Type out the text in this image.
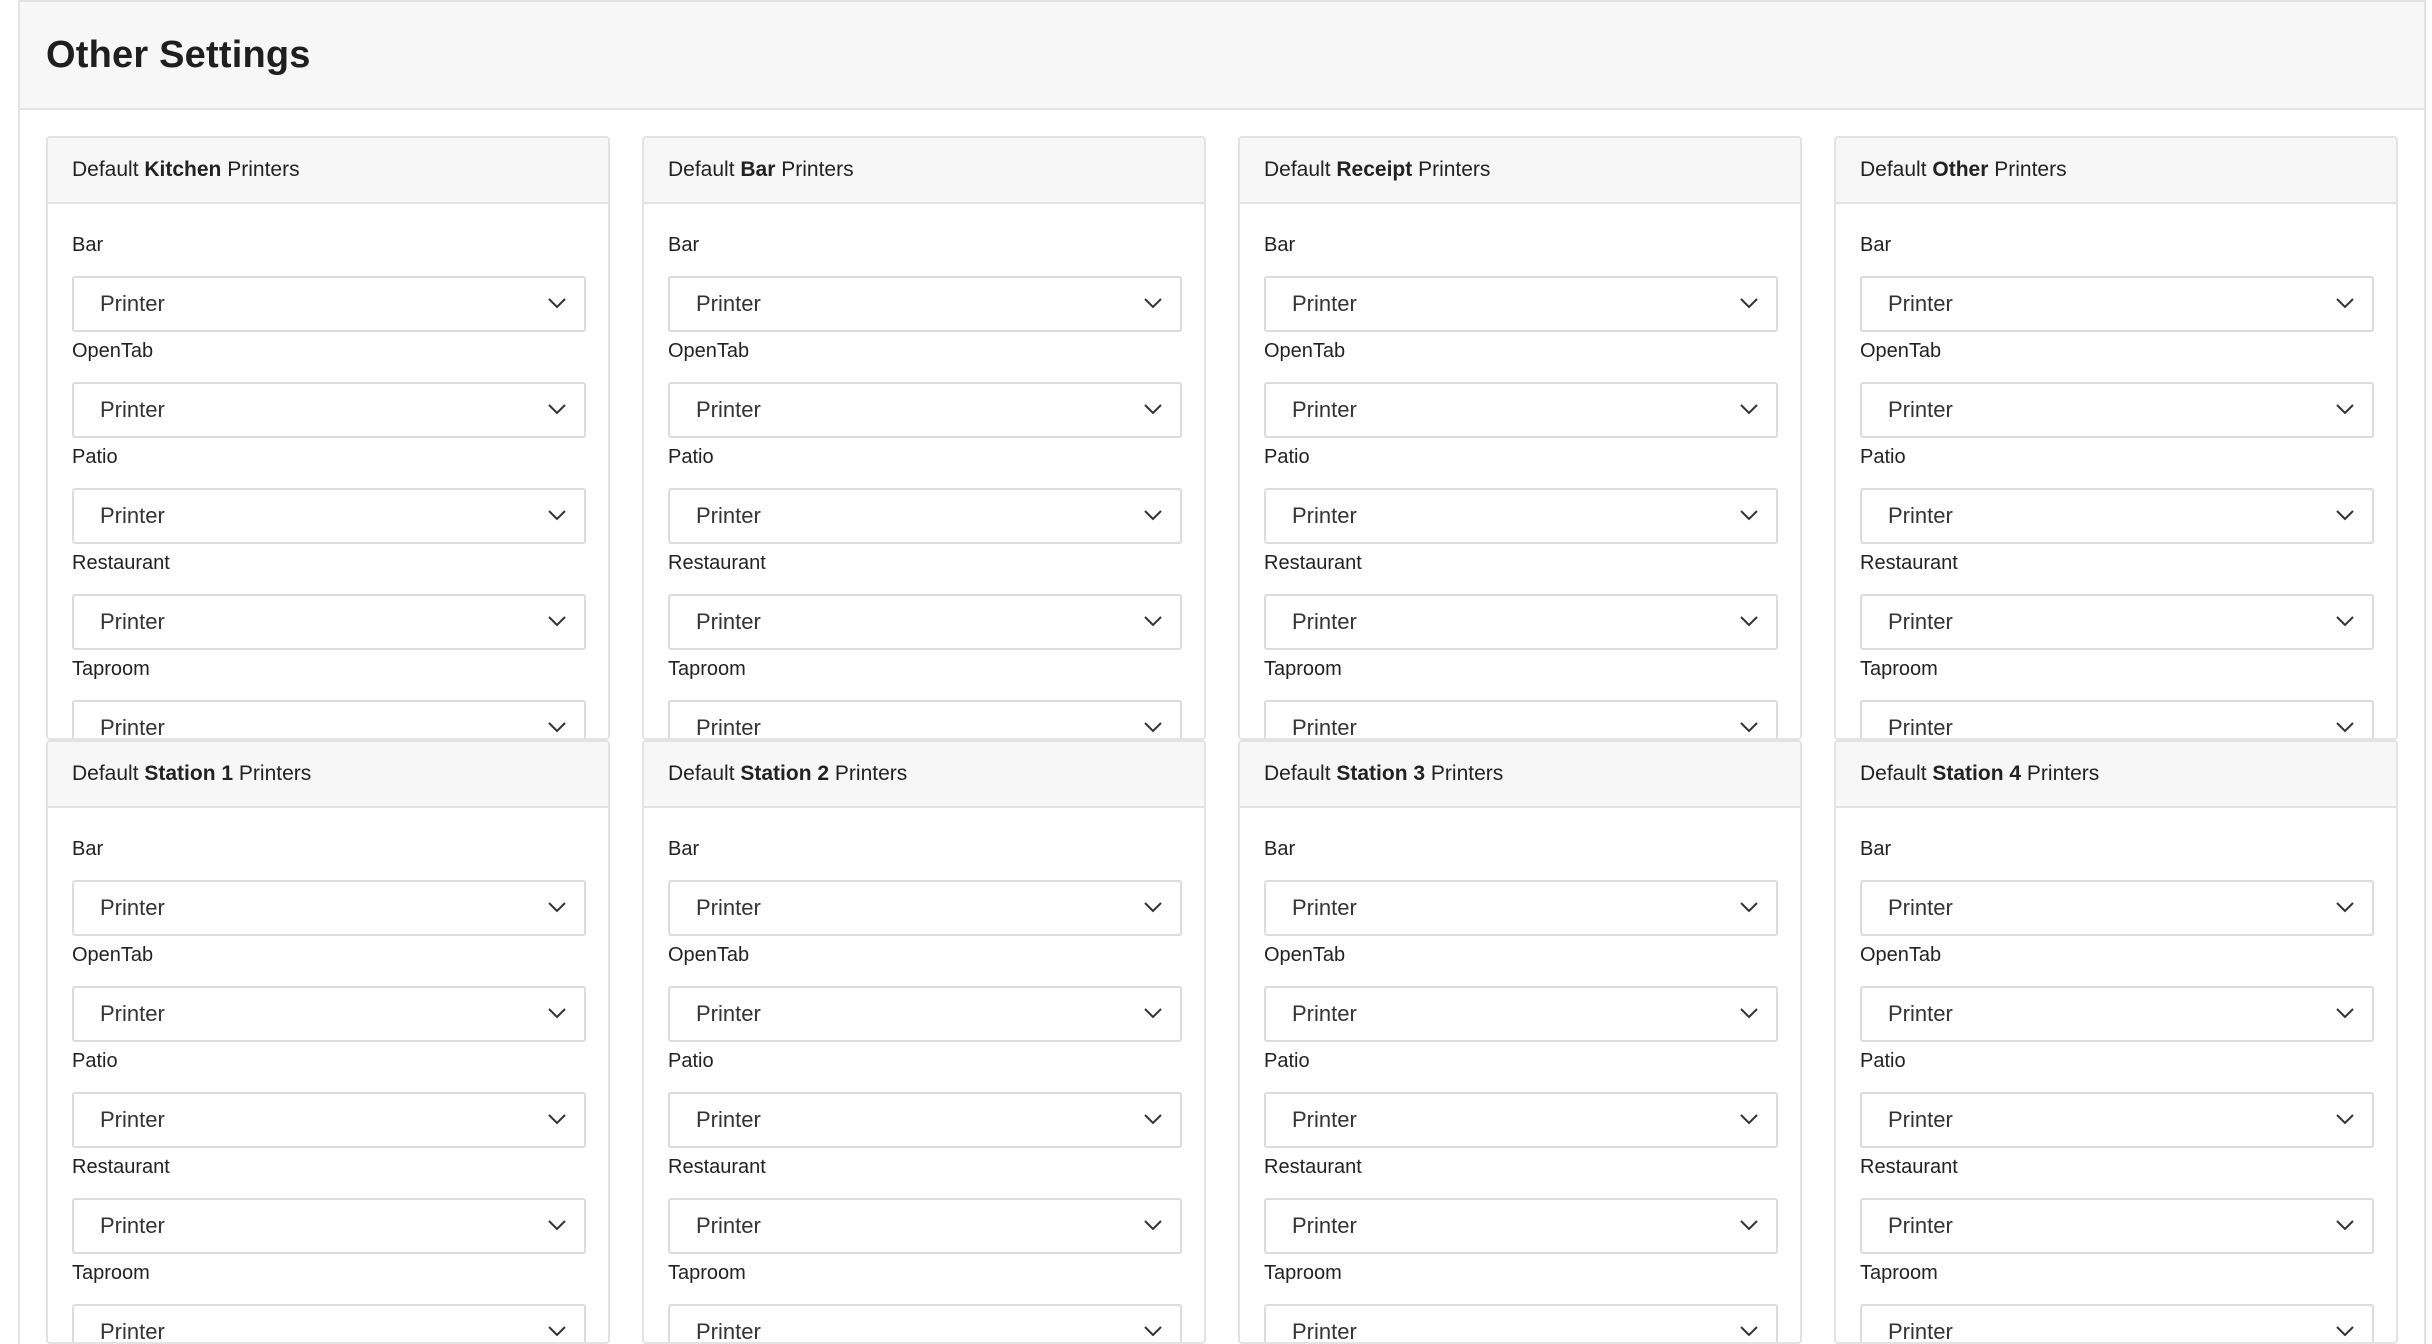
Other Settings
Default Kitchen Printers
Bar
Printer
OpenTab
Printer
Patio
Printer
Restaurant
Printer
Taproom
Printer
Default Bar Printers
Bar
Printer
OpenTab
Printer
Patio
Printer
Restaurant
Printer
Taproom
Printer
Default Receipt Printers
Bar
Printer
OpenTab
Printer
Patio
Printer
Restaurant
Printer
Taproom
Printer
Default Other Printers
Bar
Printer
OpenTab
Printer
Patio
Printer
Restaurant
Printer
Taproom
Printer
Default Station 1 Printers
Bar
Printer
OpenTab
Printer
Patio
Printer
Restaurant
Printer
Taproom
Printer
Default Station 2 Printers
Bar
Printer
OpenTab
Printer
Patio
Printer
Restaurant
Printer
Taproom
Printer
Default Station 3 Printers
Bar
Printer
OpenTab
Printer
Patio
Printer
Restaurant
Printer
Taproom
Printer
Default Station 4 Printers
Bar
Printer
OpenTab
Printer
Patio
Printer
Restaurant
Printer
Taproom
Printer
